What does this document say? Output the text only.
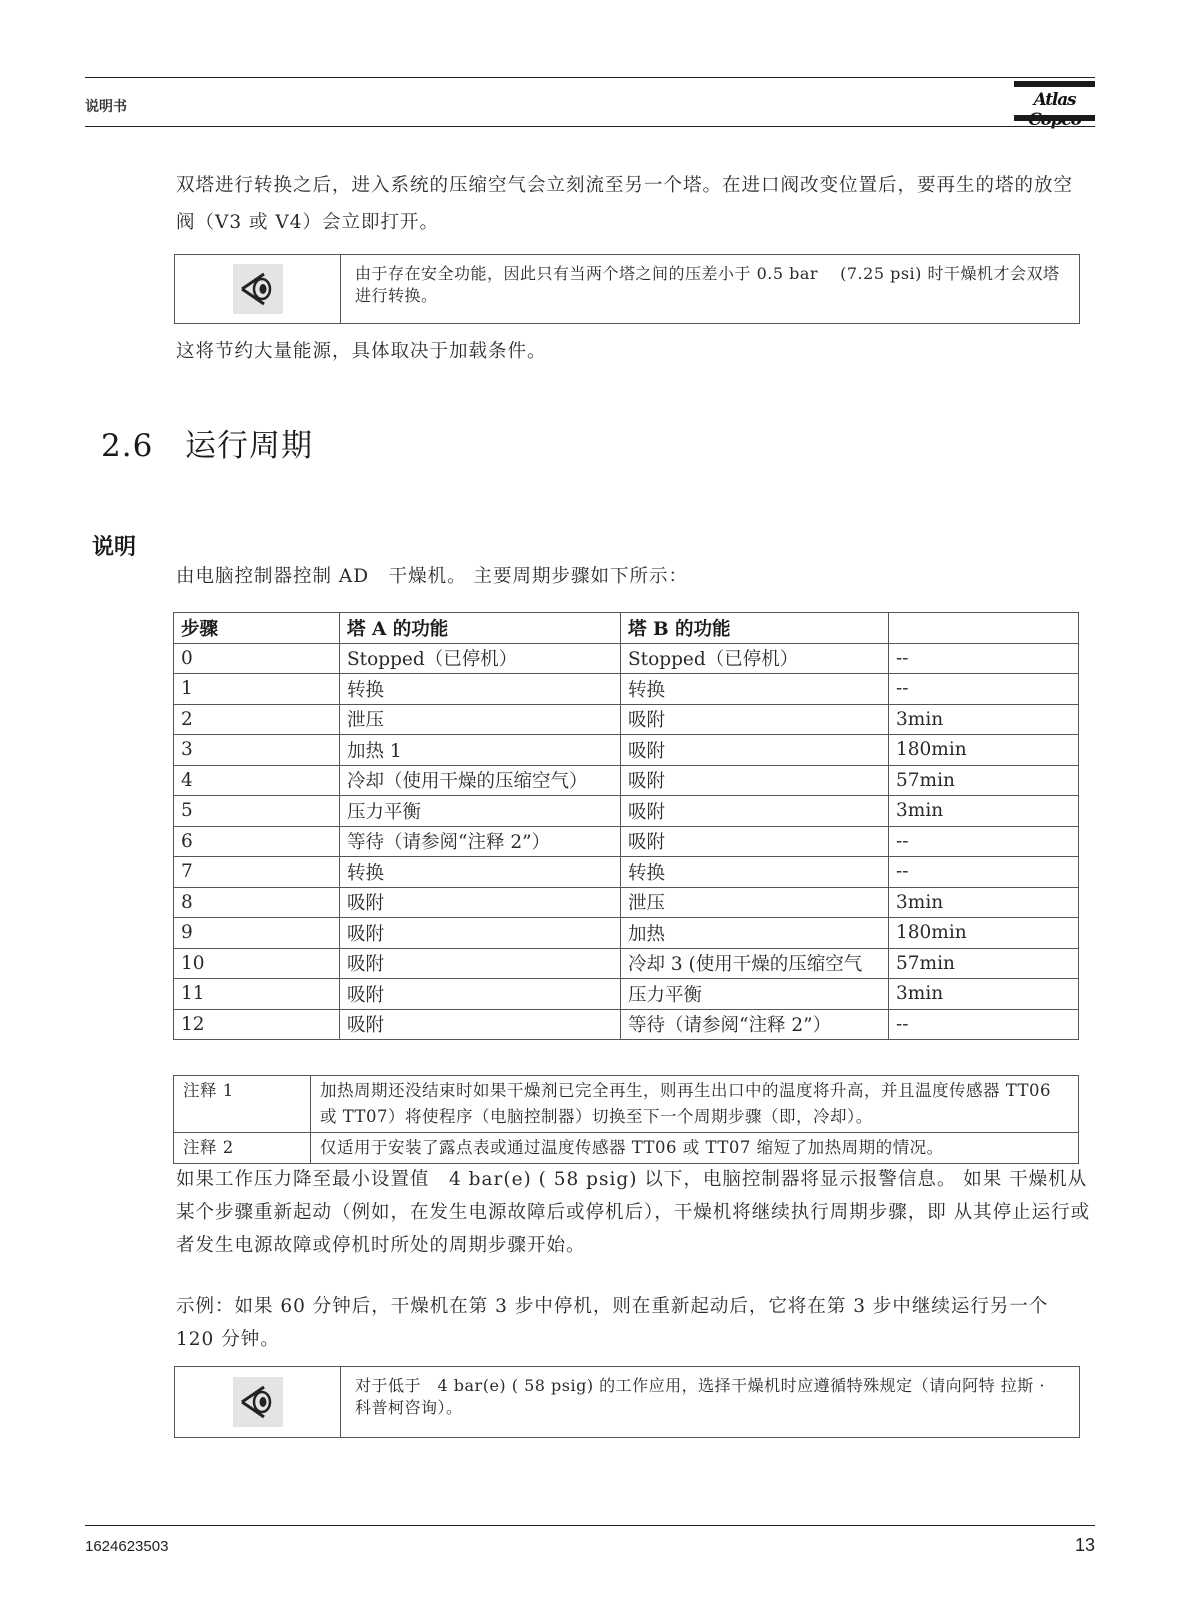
说明书	Atlas
双塔进行转换之后，进入系统的压缩空气会立刻流至另一个塔。在进口阀改变位置后，要再生的塔的放空阀（V3 或 V4）会立即打开。
由于存在安全功能，因此只有当两个塔之间的压差小于 0.5 bar　 (7.25 psi) 时干燥机才会双塔进行转换。
这将节约大量能源，具体取决于加载条件。
2.6 运行周期
说明
由电脑控制器控制 AD　干燥机。 主要周期步骤如下所示：
步骤	塔 A 的功能	塔 B 的功能	
0	Stopped（已停机）	Stopped（已停机）	--
1	转换	转换	--
2	泄压	吸附	3min
3	加热 1	吸附	180min
4	冷却（使用干燥的压缩空气）	吸附	57min
5	压力平衡	吸附	3min
6	等待（请参阅“注释 2”）	吸附	--
7	转换	转换	--
8	吸附	泄压	3min
9	吸附	加热	180min
10	吸附	冷却 3 (使用干燥的压缩空气	57min
11	吸附	压力平衡	3min
12	吸附	等待（请参阅“注释 2”）	--
注释 1	加热周期还没结束时如果干燥剂已完全再生，则再生出口中的温度将升高，并且温度传感器 TT06 或 TT07）将使程序（电脑控制器）切换至下一个周期步骤（即，冷却）。
注释 2	仅适用于安装了露点表或通过温度传感器 TT06 或 TT07 缩短了加热周期的情况。
如果工作压力降至最小设置值　4 bar(e) ( 58 psig) 以下，电脑控制器将显示报警信息。 如果 干燥机从某个步骤重新起动（例如，在发生电源故障后或停机后），干燥机将继续执行周期步骤，即 从其停止运行或者发生电源故障或停机时所处的周期步骤开始。
示例：如果 60 分钟后，干燥机在第 3 步中停机，则在重新起动后，它将在第 3 步中继续运行另一个 120 分钟。
对于低于　4 bar(e) ( 58 psig) 的工作应用，选择干燥机时应遵循特殊规定（请向阿特 拉斯 · 科普柯咨询）。
1624623503	13
